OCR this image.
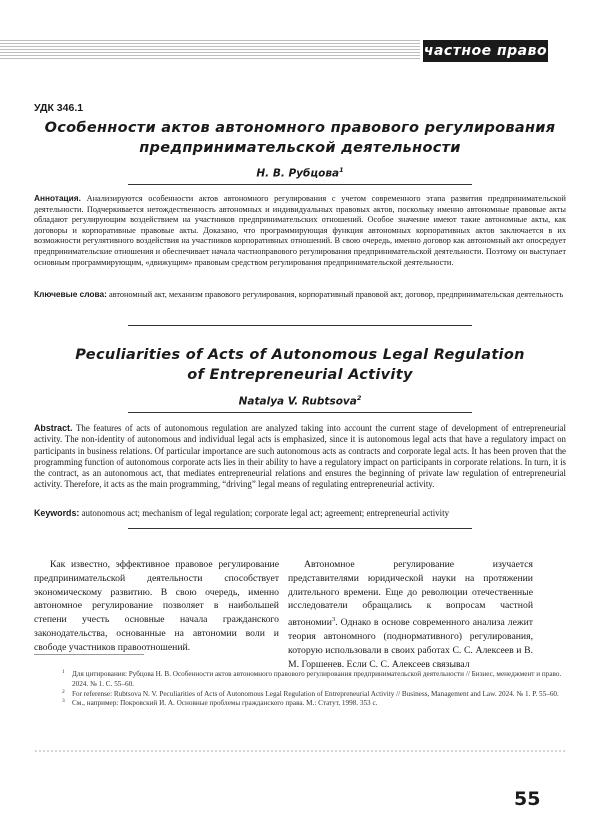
частное право
УДК 346.1
Особенности актов автономного правового регулирования
предпринимательской деятельности
Н. В. Рубцова$^1$
Аннотация. Анализируются особенности актов автономного регулирования с учетом современного этапа развития предпринимательской деятельности. Подчеркивается нетождественность автономных и индивидуальных правовых актов, поскольку именно автономные правовые акты обладают регулирующим воздействием на участников предпринимательских отношений. Особое значение имеют такие автономные акты, как договоры и корпоративные правовые акты. Доказано, что программирующая функция автономных корпоративных актов заключается в их возможности регулятивного воздействия на участников корпоративных отношений. В свою очередь, именно договор как автономный акт опосредует предпринимательские отношения и обеспечивает начала частноправового регулирования предпринимательской деятельности. Поэтому он выступает основным программирующим, «движущим» правовым средством регулирования предпринимательской деятельности.
Ключевые слова: автономный акт, механизм правового регулирования, корпоративный правовой акт, договор, предпринимательская деятельность
Peculiarities of Acts of Autonomous Legal Regulation
of Entrepreneurial Activity
Natalya V. Rubtsova$^2$
Abstract. The features of acts of autonomous regulation are analyzed taking into account the current stage of development of entrepreneurial activity. The non-identity of autonomous and individual legal acts is emphasized, since it is autonomous legal acts that have a regulatory impact on participants in business relations. Of particular importance are such autonomous acts as contracts and corporate legal acts. It has been proven that the programming function of autonomous corporate acts lies in their ability to have a regulatory impact on participants in corporate relations. In turn, it is the contract, as an autonomous act, that mediates entrepreneurial relations and ensures the beginning of private law regulation of entrepreneurial activity. Therefore, it acts as the main programming, “driving” legal means of regulating entrepreneurial activity.
Keywords: autonomous act; mechanism of legal regulation; corporate legal act; agreement; entrepreneurial activity

Как известно, эффективное правовое регулирование предпринимательской деятельности способствует экономическому развитию. В свою очередь, именно автономное регулирование позволяет в наибольшей степени учесть основные начала гражданского законодательства, основанные на автономии воли и свободе участников правоотношений.

Автономное регулирование изучается представителями юридической науки на протяжении длительного времени. Еще до революции отечественные исследователи обращались к вопросам частной автономии$^3$. Однако в основе современного анализа лежит теория автономного (поднормативного) регулирования, которую использовали в своих работах С. С. Алексеев и В. М. Горшенев. Если С. С. Алексеев связывал

1 Для цитирования: Рубцова Н. В. Особенности актов автономного правового регулирования предпринимательской деятельности // Бизнес, менеджмент и право. 2024. № 1. С. 55–60.
2 For referense: Rubtsova N. V. Peculiarities of Acts of Autonomous Legal Regulation of Entrepreneurial Activity // Business, Management and Law. 2024. № 1. P. 55–60.
3 См., например: Покровский И. А. Основные проблемы гражданского права. М.: Статут, 1998. 353 с.
55
